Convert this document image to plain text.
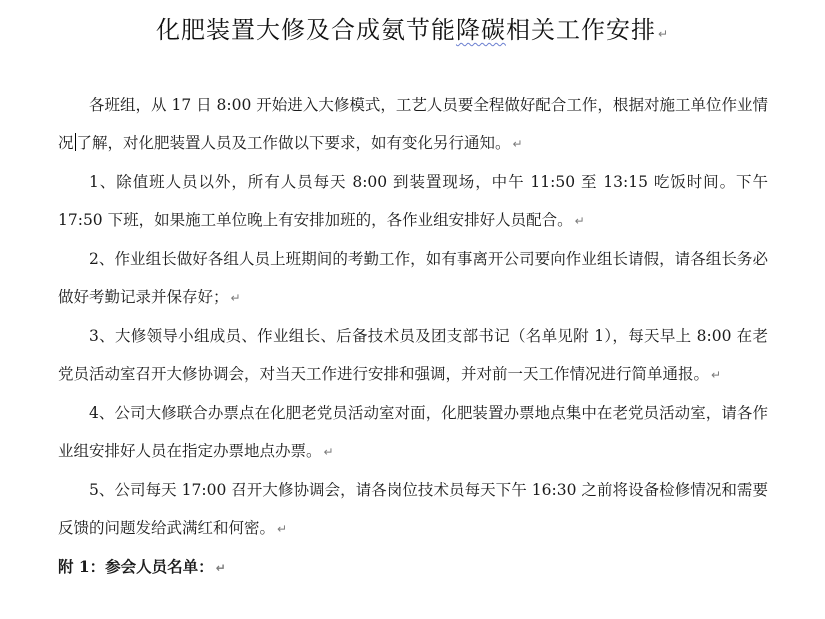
化肥装置大修及合成氨节能降碳相关工作安排 ↵

各班组，从 17 日 8:00 开始进入大修模式，工艺人员要全程做好配合工作，根据对施工单位作业情况 了解，对化肥装置人员及工作做以下要求，如有变化另行通知。 ↵

1、除值班人员以外，所有人员每天 8:00 到装置现场，中午 11:50 至 13:15 吃饭时间。下午 17:50 下班，如果施工单位晚上有安排加班的，各作业组安排好人员配合。 ↵

2、作业组长做好各组人员上班期间的考勤工作，如有事离开公司要向作业组长请假，请各组长务必做好考勤记录并保存好； ↵

3、大修领导小组成员、作业组长、后备技术员及团支部书记（名单见附 1），每天早上 8:00 在老党员活动室召开大修协调会，对当天工作进行安排和强调，并对前一天工作情况进行简单通报。 ↵

4、公司大修联合办票点在化肥老党员活动室对面，化肥装置办票地点集中在老党员活动室，请各作业组安排好人员在指定办票地点办票。 ↵

5、公司每天 17:00 召开大修协调会，请各岗位技术员每天下午 16:30 之前将设备检修情况和需要反馈的问题发给武满红和何密。 ↵

附 1：参会人员名单： ↵
